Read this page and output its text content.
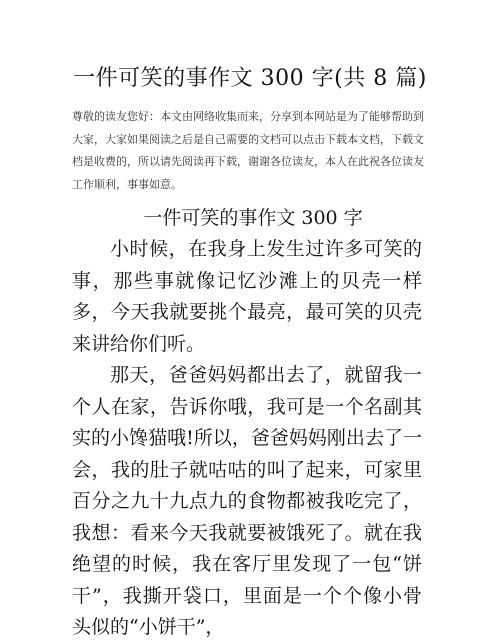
一件可笑的事作文 300 字(共 8 篇)
尊敬的读友您好：本文由网络收集而来，分享到本网站是为了能够帮助到大家，大家如果阅读之后是自己需要的文档可以点击下载本文档，下载文档是收费的，所以请先阅读再下载，谢谢各位读友，本人在此祝各位读友工作顺利，事事如意。
一件可笑的事作文 300 字

小时候，在我身上发生过许多可笑的事，那些事就像记忆沙滩上的贝壳一样多，今天我就要挑个最亮，最可笑的贝壳来讲给你们听。

那天，爸爸妈妈都出去了，就留我一个人在家，告诉你哦，我可是一个名副其实的小馋猫哦!所以，爸爸妈妈刚出去了一会，我的肚子就咕咕的叫了起来，可家里百分之九十九点九的食物都被我吃完了，我想：看来今天我就要被饿死了。就在我绝望的时候，我在客厅里发现了一包“饼干”，我撕开袋口，里面是一个个像小骨头似的“小饼干”，
